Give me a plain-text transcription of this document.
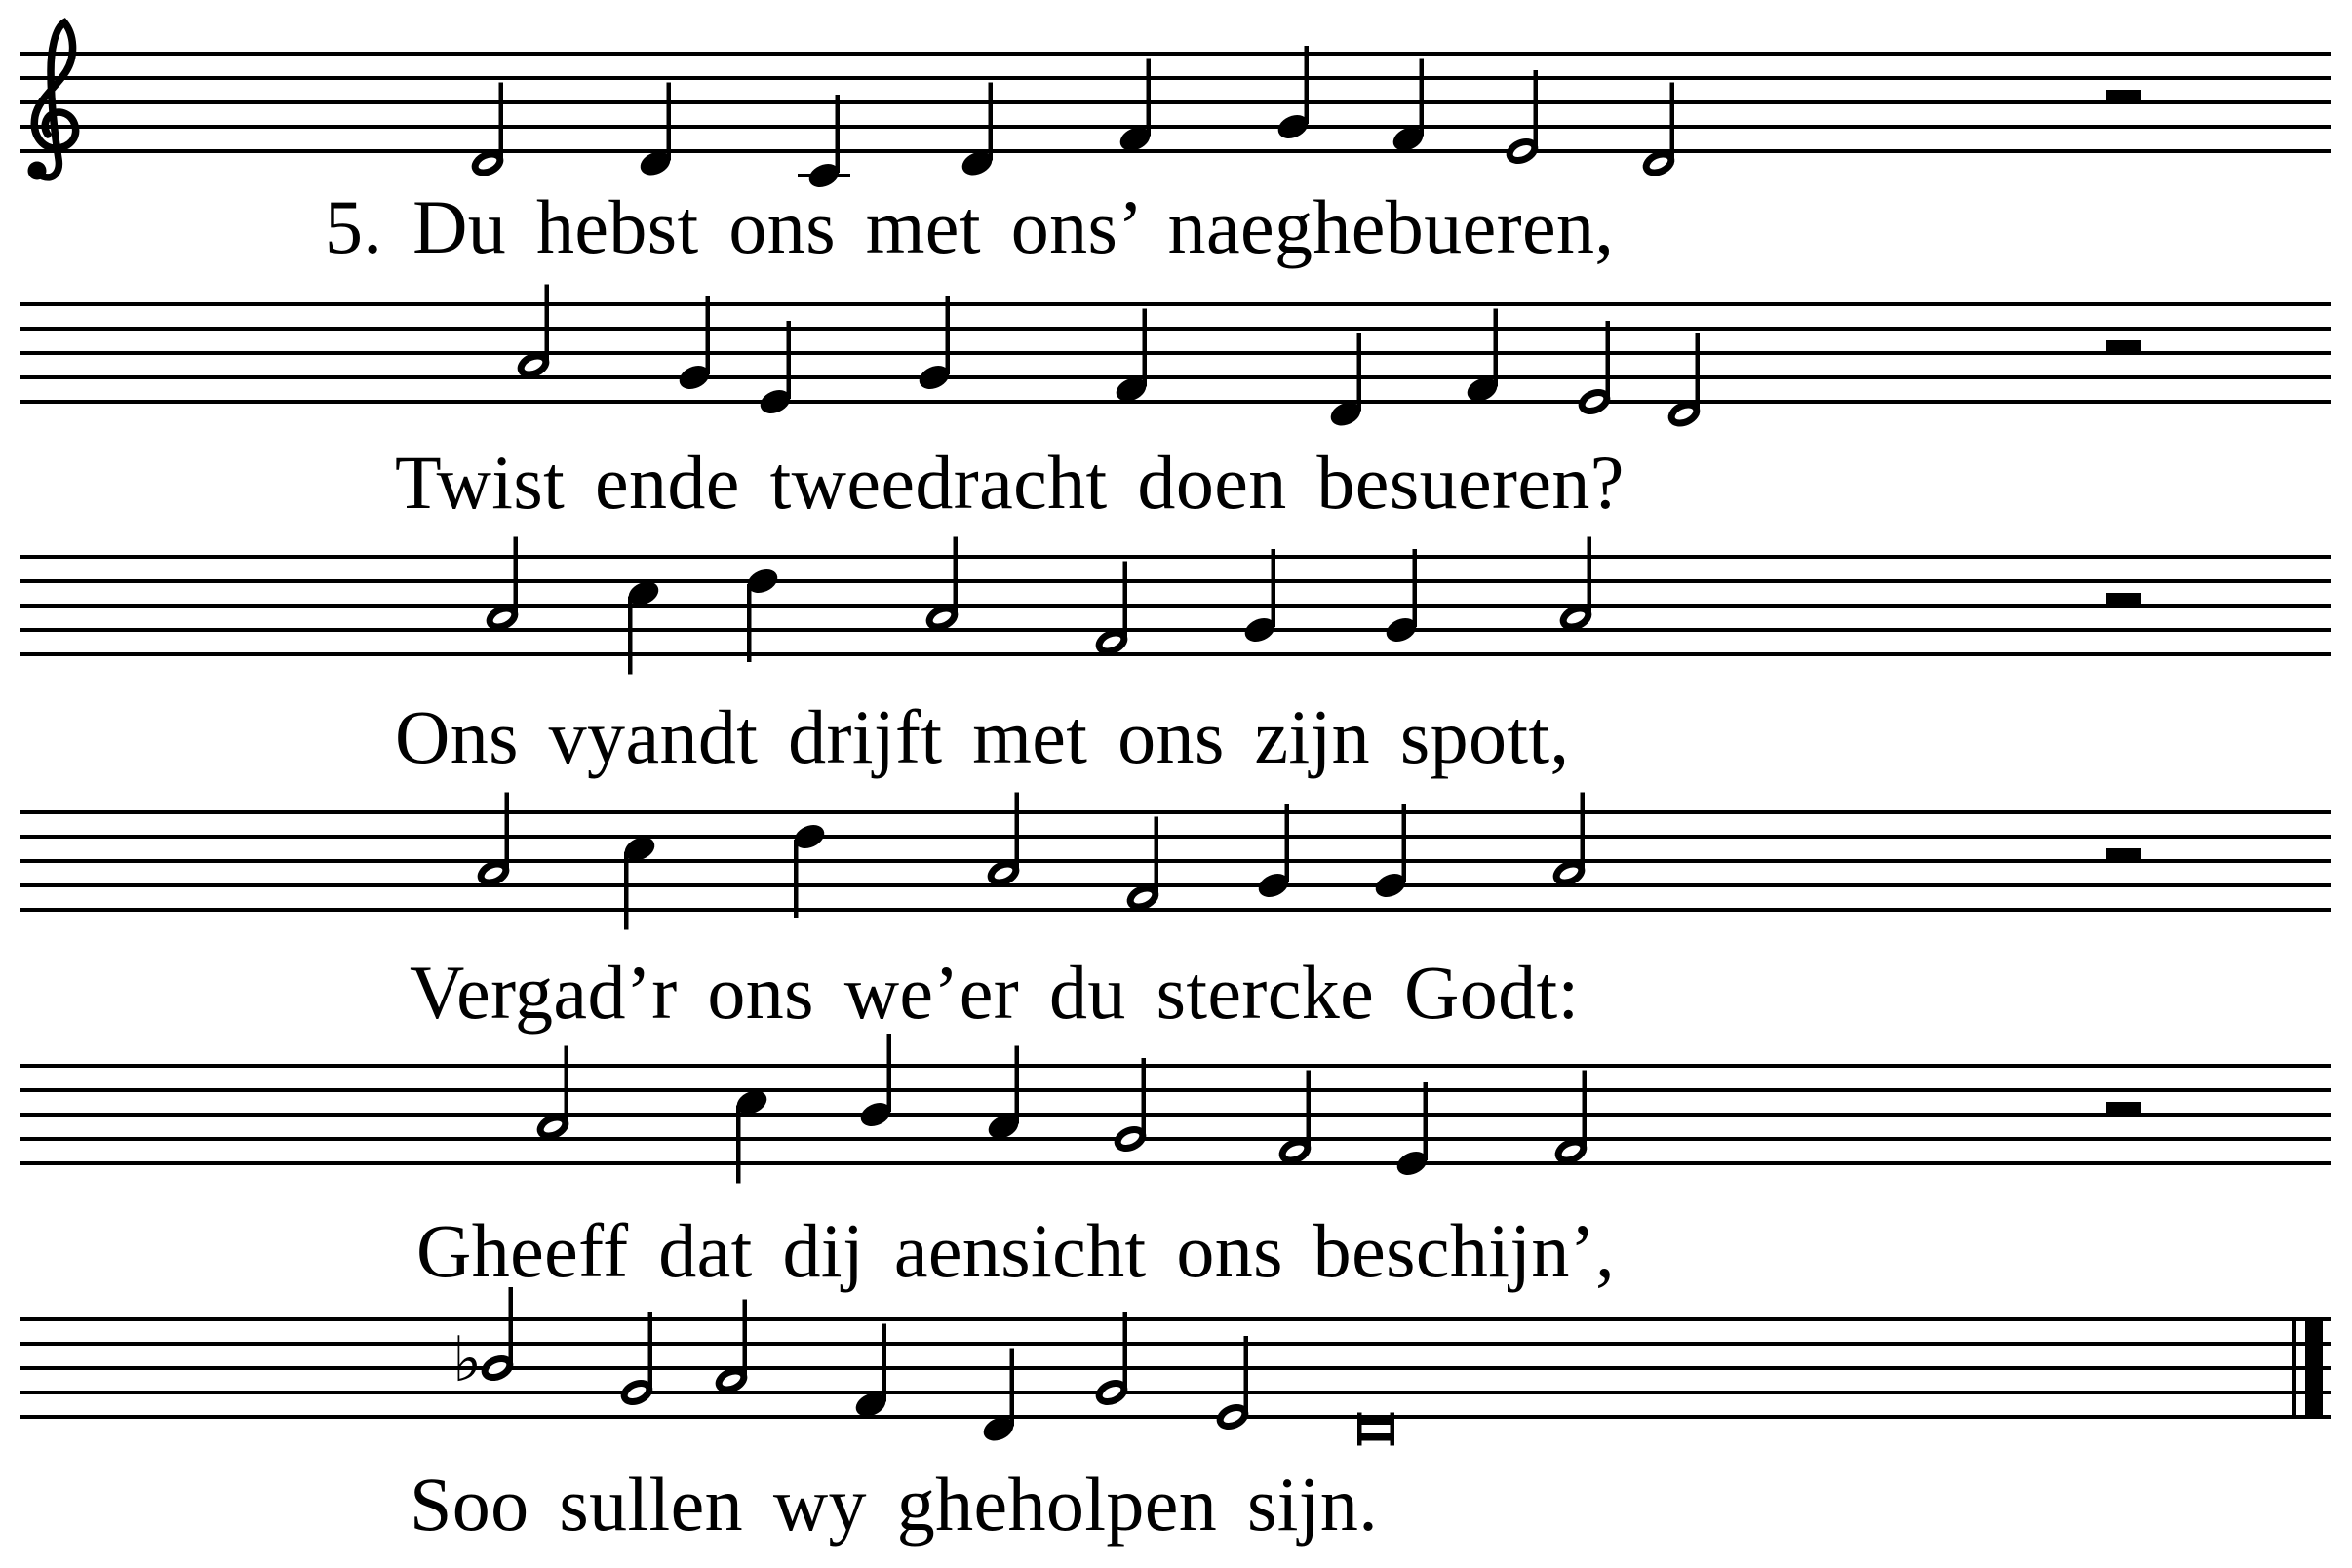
♭
5. Du hebst ons met ons’ naeghebueren,
Twist ende tweedracht doen besueren?
Ons vyandt drijft met ons zijn spott,
Vergad’r ons we’er du stercke Godt:
Gheeff dat dij aensicht ons beschijn’,
Soo sullen wy gheholpen sijn.
